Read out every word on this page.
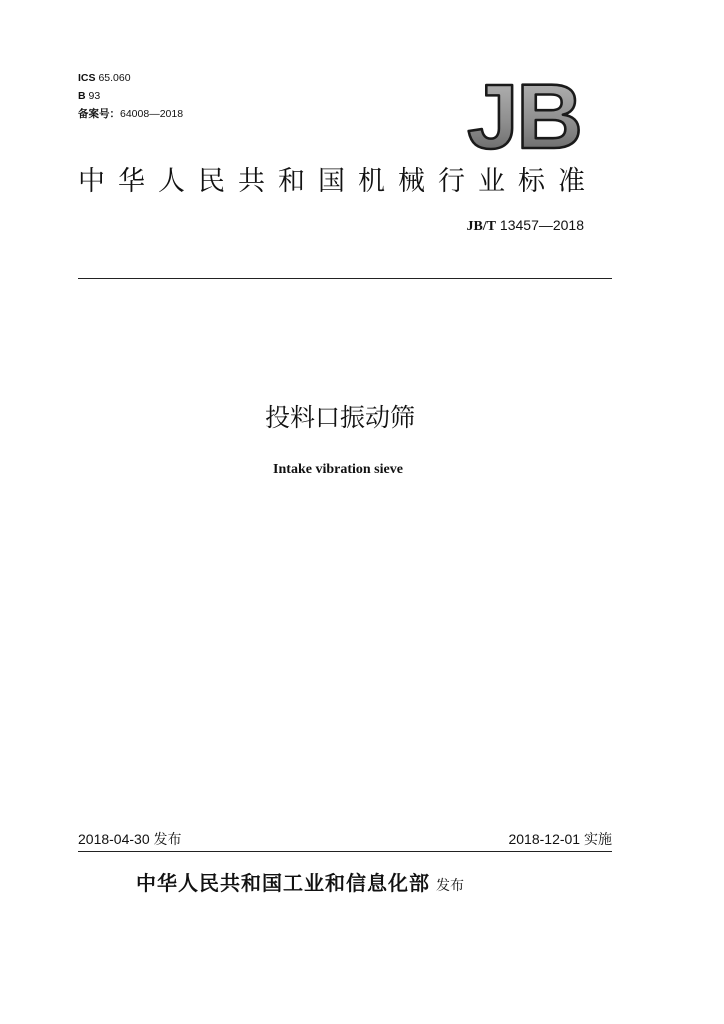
ICS 65.060
B 93
备案号：64008—2018	JB
中华人民共和国机械行业标准
JB/T 13457—2018
投料口振动筛
Intake vibration sieve
2018-04-30 发布	2018-12-01 实施
中华人民共和国工业和信息化部 发布
